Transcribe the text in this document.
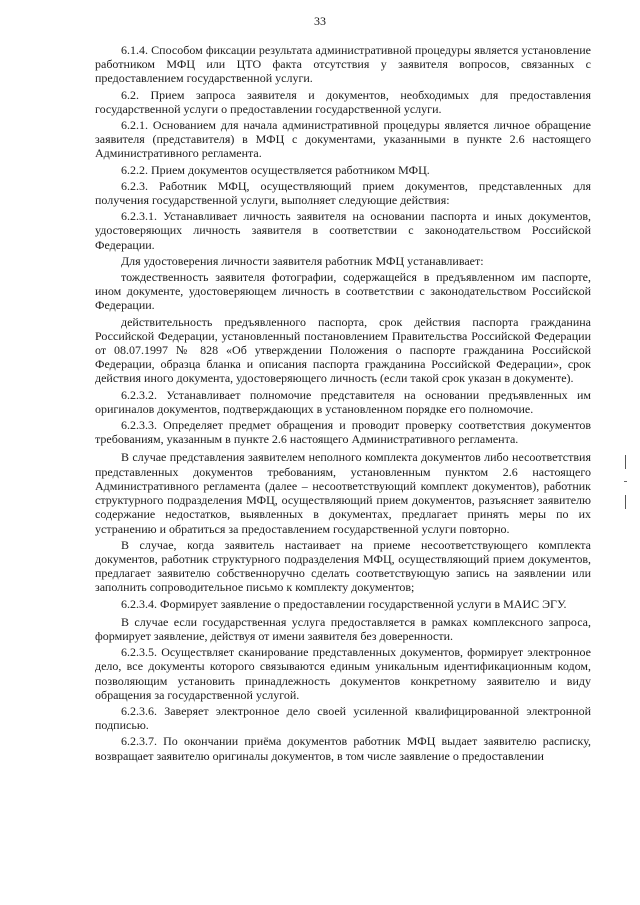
33

6.1.4. Способом фиксации результата административной процедуры является установление работником МФЦ или ЦТО факта отсутствия у заявителя вопросов, связанных с предоставлением государственной услуги.

6.2. Прием запроса заявителя и документов, необходимых для предоставления государственной услуги о предоставлении государственной услуги.

6.2.1. Основанием для начала административной процедуры является личное обращение заявителя (представителя) в МФЦ с документами, указанными в пункте 2.6 настоящего Административного регламента.

6.2.2. Прием документов осуществляется работником МФЦ.

6.2.3. Работник МФЦ, осуществляющий прием документов, представленных для получения государственной услуги, выполняет следующие действия:

6.2.3.1. Устанавливает личность заявителя на основании паспорта и иных документов, удостоверяющих личность заявителя в соответствии с законодательством Российской Федерации.

Для удостоверения личности заявителя работник МФЦ устанавливает:

тождественность заявителя фотографии, содержащейся в предъявленном им паспорте, ином документе, удостоверяющем личность в соответствии с законодательством Российской Федерации.

действительность предъявленного паспорта, срок действия паспорта гражданина Российской Федерации, установленный постановлением Правительства Российской Федерации от 08.07.1997 № 828 «Об утверждении Положения о паспорте гражданина Российской Федерации, образца бланка и описания паспорта гражданина Российской Федерации», срок действия иного документа, удостоверяющего личность (если такой срок указан в документе).

6.2.3.2. Устанавливает полномочие представителя на основании предъявленных им оригиналов документов, подтверждающих в установленном порядке его полномочие.

6.2.3.3. Определяет предмет обращения и проводит проверку соответствия документов требованиям, указанным в пункте 2.6 настоящего Административного регламента.

В случае представления заявителем неполного комплекта документов либо несоответствия представленных документов требованиям, установленным пунктом 2.6 настоящего Административного регламента (далее – несоответствующий комплект документов), работник структурного подразделения МФЦ, осуществляющий прием документов, разъясняет заявителю содержание недостатков, выявленных в документах, предлагает принять меры по их устранению и обратиться за предоставлением государственной услуги повторно.

В случае, когда заявитель настаивает на приеме несоответствующего комплекта документов, работник структурного подразделения МФЦ, осуществляющий прием документов, предлагает заявителю собственноручно сделать соответствующую запись на заявлении или заполнить сопроводительное письмо к комплекту документов;

6.2.3.4. Формирует заявление о предоставлении государственной услуги в МАИС ЭГУ.

В случае если государственная услуга предоставляется в рамках комплексного запроса, формирует заявление, действуя от имени заявителя без доверенности.

6.2.3.5. Осуществляет сканирование представленных документов, формирует электронное дело, все документы которого связываются единым уникальным идентификационным кодом, позволяющим установить принадлежность документов конкретному заявителю и виду обращения за государственной услугой.

6.2.3.6. Заверяет электронное дело своей усиленной квалифицированной электронной подписью.

6.2.3.7. По окончании приёма документов работник МФЦ выдает заявителю расписку, возвращает заявителю оригиналы документов, в том числе заявление о предоставлении
